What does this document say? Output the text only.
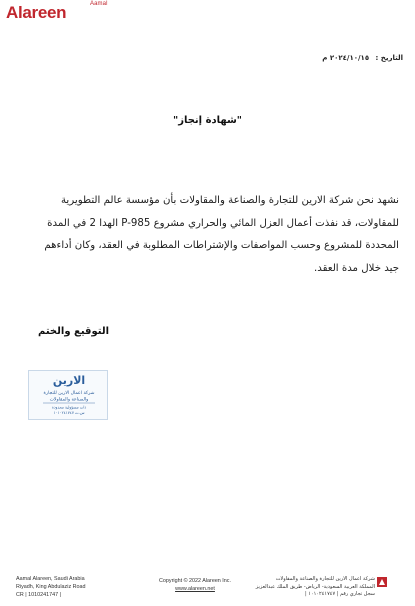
Aamal
Alareen
التاريخ : ٢٠٢٤/١٠/١٥ م
"شهادة إنجاز"

نشهد نحن شركة الارين للتجارة والصناعة والمقاولات بأن مؤسسة عالم التطويرية

للمقاولات، قد نفذت أعمال العزل المائي والحراري مشروع P-985 الهدا 2 في المدة

المحددة للمشروع وحسب المواصفات والإشتراطات المطلوبة في العقد، وكان أداءهم

جيد خلال مدة العقد.

التوقيع والختم
الارين
شركة اعمال الارين للتجارة
والصناعة والمقاولات
ذات مسؤولية محدودة
س.ت ١٠١٠٢٤١٧٤٧
Aamal Alareen, Saudi Arabia
Riyadh, King Abdulaziz Road
CR | 1010241747 |
Copyright © 2022 Alareen Inc.
www.alareen.net
شركة اعمال الارين للتجارة والصناعة والمقاولات
المملكة العربية السعودية- الرياض- طريق الملك عبدالعزيز
سجل تجاري رقم | ١٠١٠٢٤١٧٤٧ |
